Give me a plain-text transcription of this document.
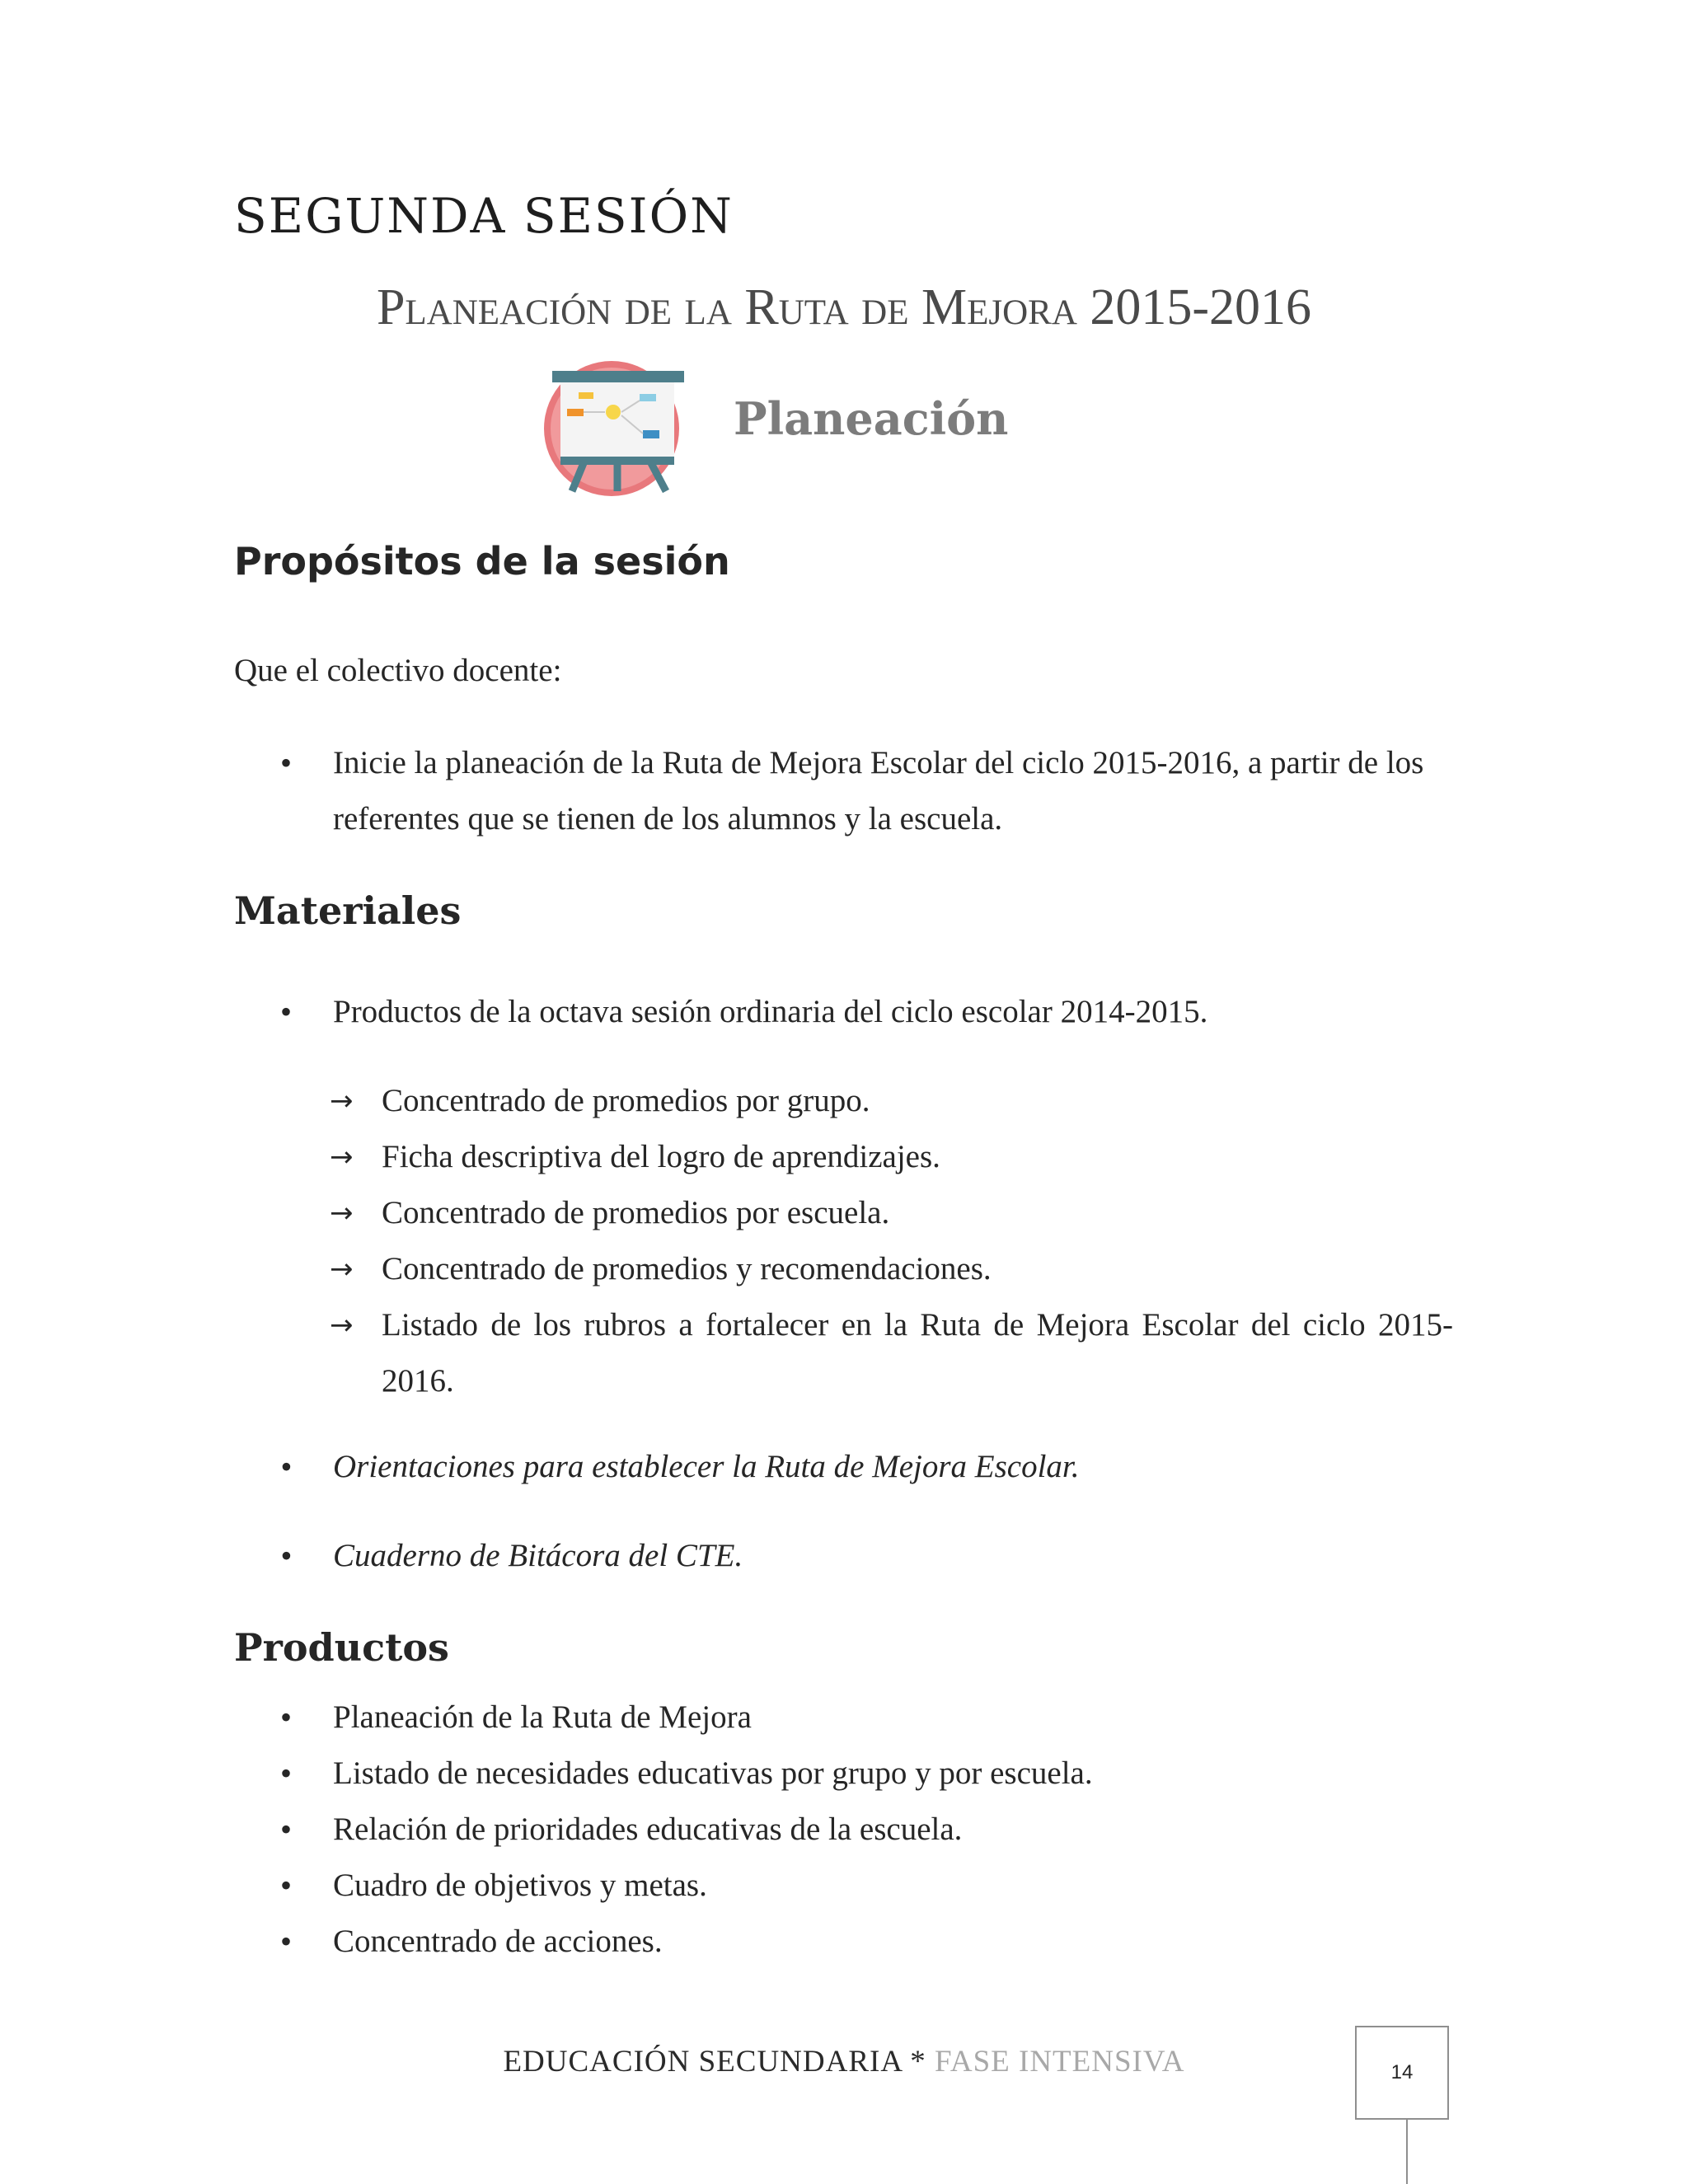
SEGUNDA SESIÓN
Planeación de la Ruta de Mejora 2015-2016

Planeación

Propósitos de la sesión

Que el colectivo docente:

• Inicie la planeación de la Ruta de Mejora Escolar del ciclo 2015-2016, a partir de los referentes que se tienen de los alumnos y la escuela.
Materiales
• Productos de la octava sesión ordinaria del ciclo escolar 2014-2015.
→ Concentrado de promedios por grupo.
→ Ficha descriptiva del logro de aprendizajes.
→ Concentrado de promedios por escuela.
→ Concentrado de promedios y recomendaciones.
→ Listado de los rubros a fortalecer en la Ruta de Mejora Escolar del ciclo 2015-2016.
• Orientaciones para establecer la Ruta de Mejora Escolar.
• Cuaderno de Bitácora del CTE.
Productos
• Planeación de la Ruta de Mejora
• Listado de necesidades educativas por grupo y por escuela.
• Relación de prioridades educativas de la escuela.
• Cuadro de objetivos y metas.
• Concentrado de acciones.

EDUCACIÓN SECUNDARIA * FASE INTENSIVA	14
